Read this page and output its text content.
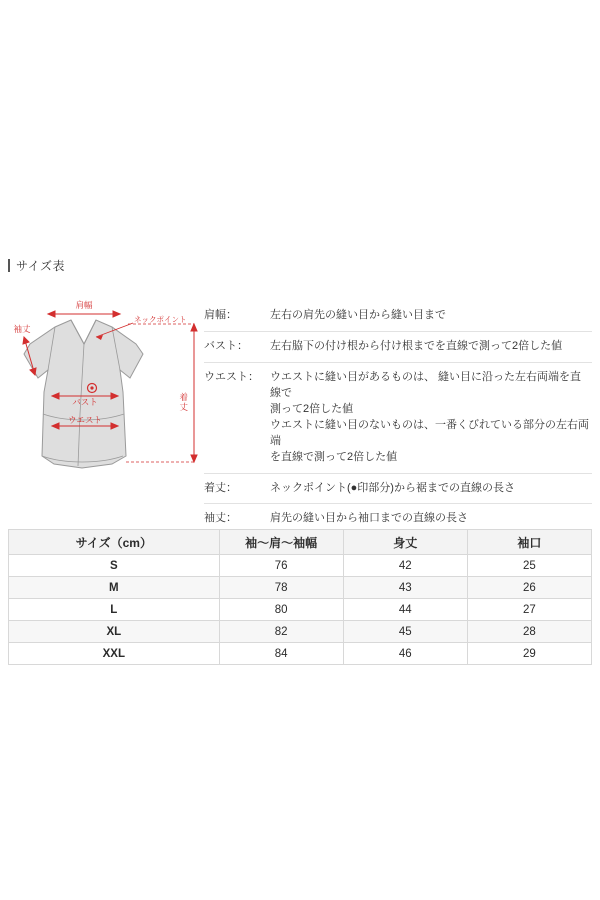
サイズ表
肩幅
ネックポイント
袖丈
バスト
ウエスト
着丈
肩幅：	左右の肩先の縫い目から縫い目まで

バスト：	左右脇下の付け根から付け根までを直線で測って2倍した値

ウエスト：	ウエストに縫い目があるものは、 縫い目に沿った左右両端を直線で
測って2倍した値
ウエストに縫い目のないものは、一番くびれている部分の左右両端
を直線で測って2倍した値

着丈：	ネックポイント(●印部分)から裾までの直線の長さ

袖丈：	肩先の縫い目から袖口までの直線の長さ
サイズ（cm）	袖～肩～袖幅	身丈	袖口
S	76	42	25
M	78	43	26
L	80	44	27
XL	82	45	28
XXL	84	46	29
